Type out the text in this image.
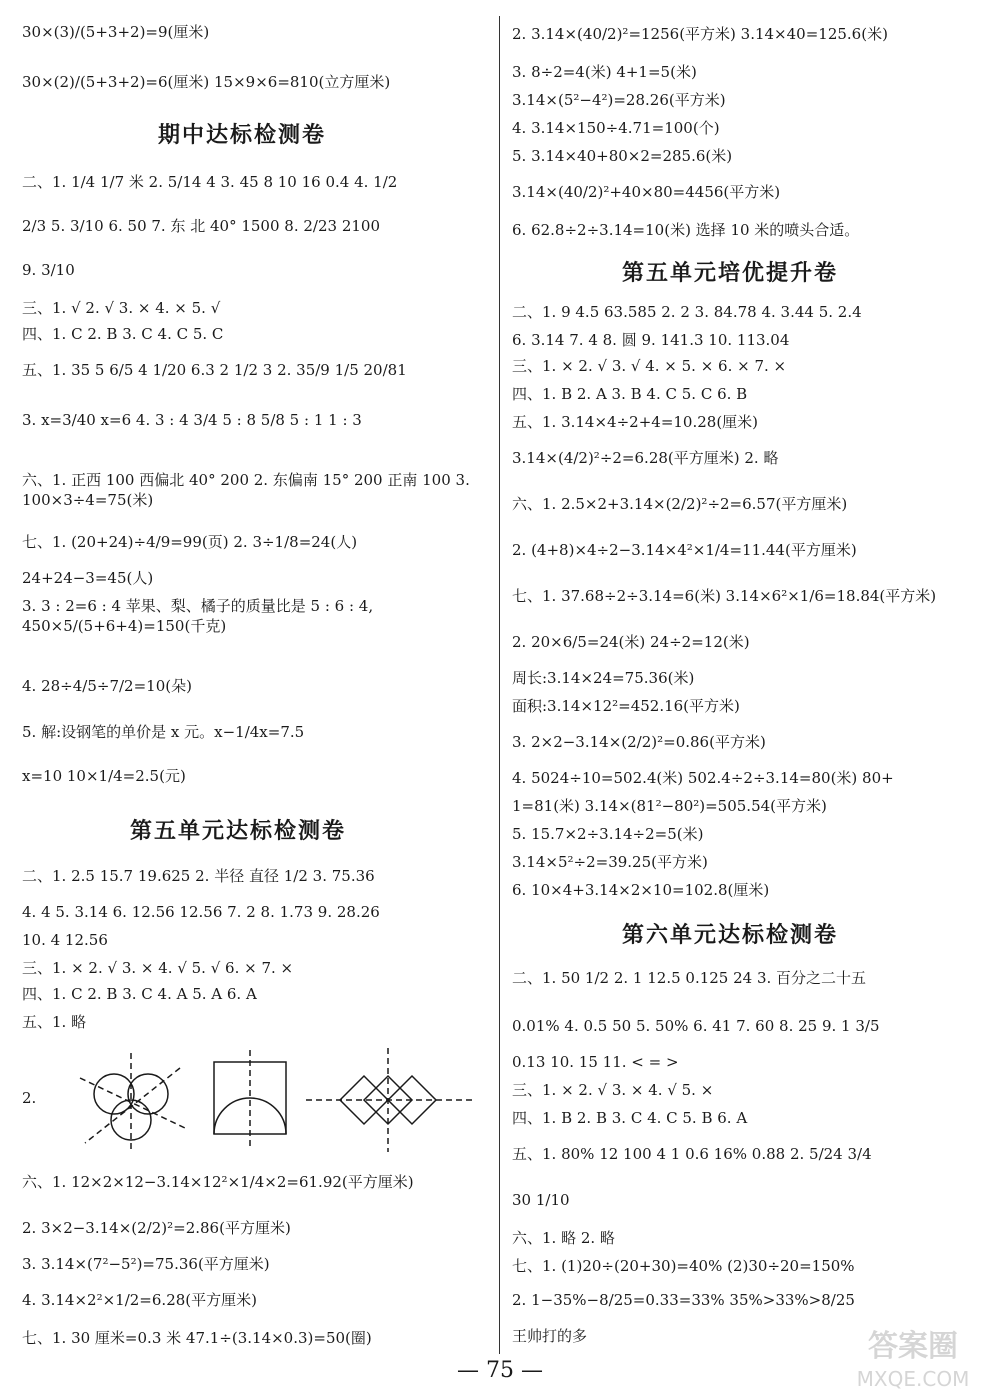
30×(3)/(5+3+2)=9(厘米)
30×(2)/(5+3+2)=6(厘米) 15×9×6=810(立方厘米)
期中达标检测卷
二、1. 1/4 1/7 米 2. 5/14 4 3. 45 8 10 16 0.4 4. 1/2
2/3 5. 3/10 6. 50 7. 东 北 40° 1500 8. 2/23 2100
9. 3/10
三、1. √ 2. √ 3. × 4. × 5. √
四、1. C 2. B 3. C 4. C 5. C
五、1. 35 5 6/5 4 1/20 6.3 2 1/2 3 2. 35/9 1/5 20/81
3. x=3/40 x=6 4. 3 : 4 3/4 5 : 8 5/8 5 : 1 1 : 3
六、1. 正西 100 西偏北 40° 200 2. 东偏南 15° 200 正南 100 3. 100×3÷4=75(米)
七、1. (20+24)÷4/9=99(页) 2. 3÷1/8=24(人)
24+24−3=45(人)
3. 3 : 2=6 : 4 苹果、梨、橘子的质量比是 5 : 6 : 4, 450×5/(5+6+4)=150(千克)
4. 28÷4/5÷7/2=10(朵)
5. 解:设钢笔的单价是 x 元。x−1/4x=7.5
x=10 10×1/4=2.5(元)
第五单元达标检测卷
二、1. 2.5 15.7 19.625 2. 半径 直径 1/2 3. 75.36
4. 4 5. 3.14 6. 12.56 12.56 7. 2 8. 1.73 9. 28.26
10. 4 12.56
三、1. × 2. √ 3. × 4. √ 5. √ 6. × 7. ×
四、1. C 2. B 3. C 4. A 5. A 6. A
五、1. 略
2.
六、1. 12×2×12−3.14×12²×1/4×2=61.92(平方厘米)
2. 3×2−3.14×(2/2)²=2.86(平方厘米)
3. 3.14×(7²−5²)=75.36(平方厘米)
4. 3.14×2²×1/2=6.28(平方厘米)
七、1. 30 厘米=0.3 米 47.1÷(3.14×0.3)=50(圈)
2. 3.14×(40/2)²=1256(平方米) 3.14×40=125.6(米)
3. 8÷2=4(米) 4+1=5(米)
3.14×(5²−4²)=28.26(平方米)
4. 3.14×150÷4.71=100(个)
5. 3.14×40+80×2=285.6(米)
3.14×(40/2)²+40×80=4456(平方米)
6. 62.8÷2÷3.14=10(米) 选择 10 米的喷头合适。
第五单元培优提升卷
二、1. 9 4.5 63.585 2. 2 3. 84.78 4. 3.44 5. 2.4
6. 3.14 7. 4 8. 圆 9. 141.3 10. 113.04
三、1. × 2. √ 3. √ 4. × 5. × 6. × 7. ×
四、1. B 2. A 3. B 4. C 5. C 6. B
五、1. 3.14×4÷2+4=10.28(厘米)
3.14×(4/2)²÷2=6.28(平方厘米) 2. 略
六、1. 2.5×2+3.14×(2/2)²÷2=6.57(平方厘米)
2. (4+8)×4÷2−3.14×4²×1/4=11.44(平方厘米)
七、1. 37.68÷2÷3.14=6(米) 3.14×6²×1/6=18.84(平方米)
2. 20×6/5=24(米) 24÷2=12(米)
周长:3.14×24=75.36(米)
面积:3.14×12²=452.16(平方米)
3. 2×2−3.14×(2/2)²=0.86(平方米)
4. 5024÷10=502.4(米) 502.4÷2÷3.14=80(米) 80+
1=81(米) 3.14×(81²−80²)=505.54(平方米)
5. 15.7×2÷3.14÷2=5(米)
3.14×5²÷2=39.25(平方米)
6. 10×4+3.14×2×10=102.8(厘米)
第六单元达标检测卷
二、1. 50 1/2 2. 1 12.5 0.125 24 3. 百分之二十五
0.01% 4. 0.5 50 5. 50% 6. 41 7. 60 8. 25 9. 1 3/5
0.13 10. 15 11. < = >
三、1. × 2. √ 3. × 4. √ 5. ×
四、1. B 2. B 3. C 4. C 5. B 6. A
五、1. 80% 12 100 4 1 0.6 16% 0.88 2. 5/24 3/4
30 1/10
六、1. 略 2. 略
七、1. (1)20÷(20+30)=40% (2)30÷20=150%
2. 1−35%−8/25=0.33=33% 35%>33%>8/25
王帅打的多
— 75 —
答案圈
MXQE.COM
